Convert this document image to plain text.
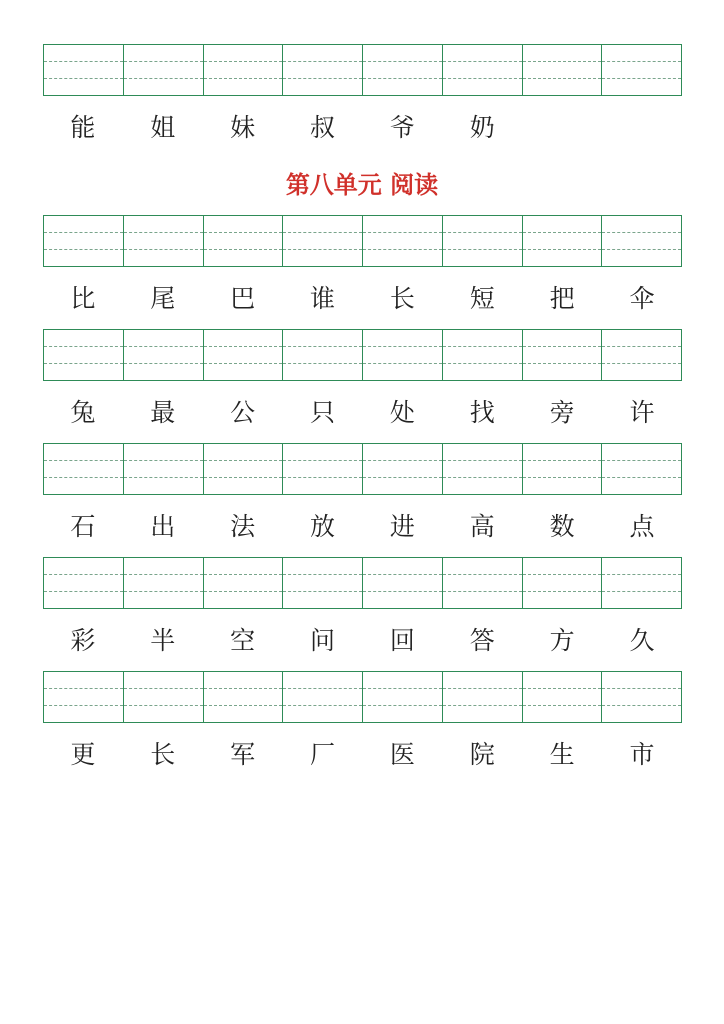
能	姐	妹	叔	爷	奶
第八单元 阅读
比	尾	巴	谁	长	短	把	伞
兔	最	公	只	处	找	旁	许
石	出	法	放	进	高	数	点
彩	半	空	问	回	答	方	久
更	长	军	厂	医	院	生	市
